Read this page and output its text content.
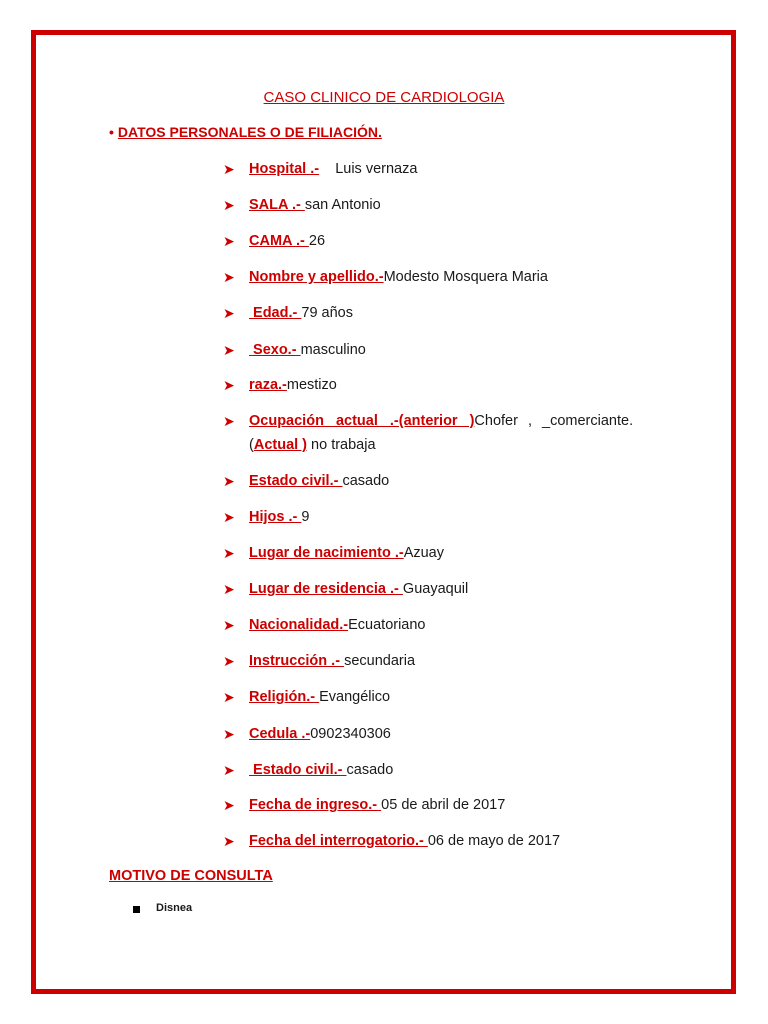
CASO CLINICO DE CARDIOLOGIA
• DATOS PERSONALES O DE FILIACIÓN.
➤ Hospital .-    Luis vernaza
➤ SALA .- san Antonio
➤ CAMA .- 26
➤ Nombre y apellido.-Modesto Mosquera Maria
➤ Edad.- 79 años
➤ Sexo.- masculino
➤ raza.-mestizo
➤ Ocupación actual .-(anterior )Chofer , _comerciante.
(Actual ) no trabaja
➤ Estado civil.- casado
➤ Hijos .- 9
➤ Lugar de nacimiento .-Azuay
➤ Lugar de residencia .- Guayaquil
➤ Nacionalidad.-Ecuatoriano
➤ Instrucción .- secundaria
➤ Religión.- Evangélico
➤ Cedula .-0902340306
➤ Estado civil.- casado
➤ Fecha de ingreso.- 05 de abril de 2017
➤ Fecha del interrogatorio.- 06 de mayo de 2017
MOTIVO DE CONSULTA
Disnea
